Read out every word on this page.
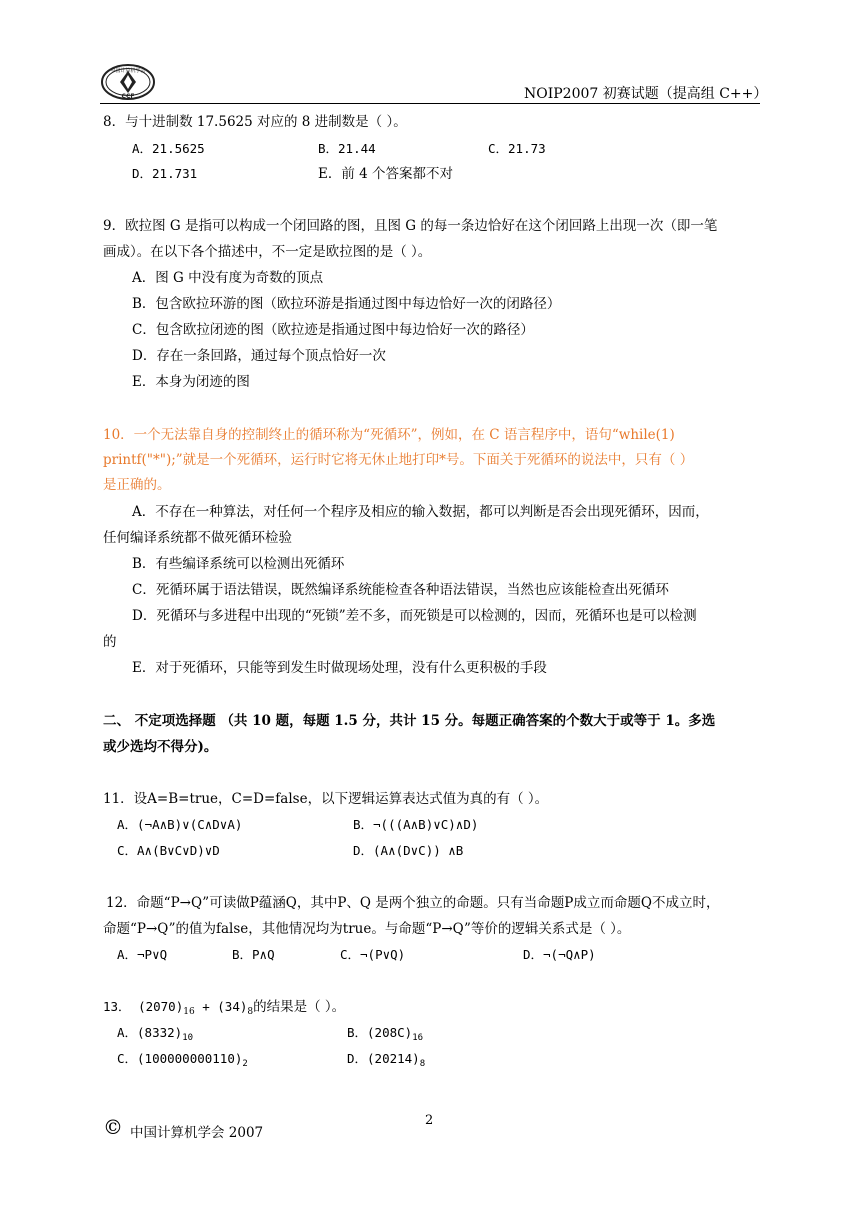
中国计算机学会
CCF	NOIP2007 初赛试题（提高组 C++）
8．与十进制数 17.5625 对应的 8 进制数是（ ）。
A．21.5625	B．21.44	C．21.73
D．21.731	E．前 4 个答案都不对
9．欧拉图 G 是指可以构成一个闭回路的图，且图 G 的每一条边恰好在这个闭回路上出现一次（即一笔
画成）。在以下各个描述中，不一定是欧拉图的是（ ）。
A．图 G 中没有度为奇数的顶点
B．包含欧拉环游的图（欧拉环游是指通过图中每边恰好一次的闭路径）
C．包含欧拉闭迹的图（欧拉迹是指通过图中每边恰好一次的路径）
D．存在一条回路，通过每个顶点恰好一次
E．本身为闭迹的图
10．一个无法靠自身的控制终止的循环称为“死循环”，例如，在 C 语言程序中，语句“while(1)
printf("*");”就是一个死循环，运行时它将无休止地打印*号。下面关于死循环的说法中，只有（ ）
是正确的。
A．不存在一种算法，对任何一个程序及相应的输入数据，都可以判断是否会出现死循环，因而，
任何编译系统都不做死循环检验
B．有些编译系统可以检测出死循环
C．死循环属于语法错误，既然编译系统能检查各种语法错误，当然也应该能检查出死循环
D．死循环与多进程中出现的“死锁”差不多，而死锁是可以检测的，因而，死循环也是可以检测
的
E．对于死循环，只能等到发生时做现场处理，没有什么更积极的手段
二、 不定项选择题 （共 10 题，每题 1.5 分，共计 15 分。每题正确答案的个数大于或等于 1。多选
或少选均不得分)。
11．设A=B=true，C=D=false，以下逻辑运算表达式值为真的有（ ）。
A．(¬A∧B)∨(C∧D∨A)	B．¬(((A∧B)∨C)∧D)
C．A∧(B∨C∨D)∨D	D．(A∧(D∨C)) ∧B
12．命题“P→Q”可读做P蕴涵Q，其中P、Q 是两个独立的命题。只有当命题P成立而命题Q不成立时，
命题“P→Q”的值为false，其他情况均为true。与命题“P→Q”等价的逻辑关系式是（ ）。
A．¬P∨Q	B．P∧Q	C．¬(P∨Q)	D．¬(¬Q∧P)
13． $(2070)_{16} + (34)_8$的结果是（ ）。
A．$(8332)_{10}$	B．$(208C)_{16}$
C．$(100000000110)_2$	D．$(20214)_8$
2
© 中国计算机学会 2007
